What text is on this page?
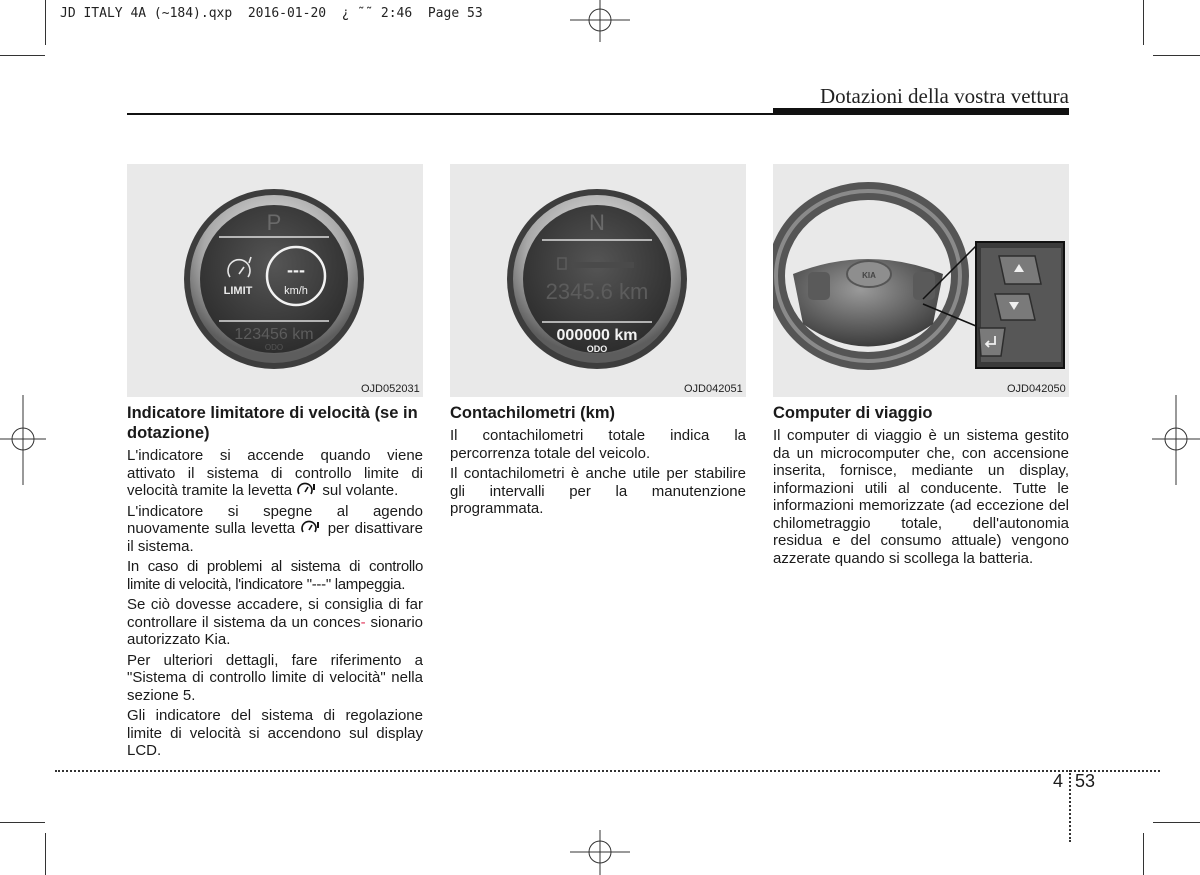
JD ITALY 4A (~184).qxp  2016-01-20  ¿ ˜˜ 2:46  Page 53
Dotazioni della vostra vettura
P
LIMIT
---
km/h
123456 km
ODO
OJD052031
N
2345.6 km
000000 km
ODO
OJD042051
KIA
OJD042050
Indicatore limitatore di velocità (se in dotazione)

L'indicatore si accende quando viene attivato il sistema di controllo limite di velocità tramite la levetta  sul volante.

L'indicatore si spegne al agendo nuovamente sulla levetta  per disattivare il sistema.

In caso di problemi al sistema di controllo limite di velocità, l'indicatore "---" lampeggia.

Se ciò dovesse accadere, si consiglia di far controllare il sistema da un conces- sionario autorizzato Kia.

Per ulteriori dettagli, fare riferimento a "Sistema di controllo limite di velocità" nella sezione 5.

Gli indicatore del sistema di regolazione limite di velocità si accendono sul display LCD.

Contachilometri (km)

Il contachilometri totale indica la percorrenza totale del veicolo.

Il contachilometri è anche utile per stabilire gli intervalli per la manutenzione programmata.

Computer di viaggio

Il computer di viaggio è un sistema gestito da un microcomputer che, con accensione inserita, fornisce, mediante un display, informazioni utili al conducente. Tutte le informazioni memorizzate (ad eccezione del chilometraggio totale, dell'autonomia residua e del consumo attuale) vengono azzerate quando si scollega la batteria.

4 53
